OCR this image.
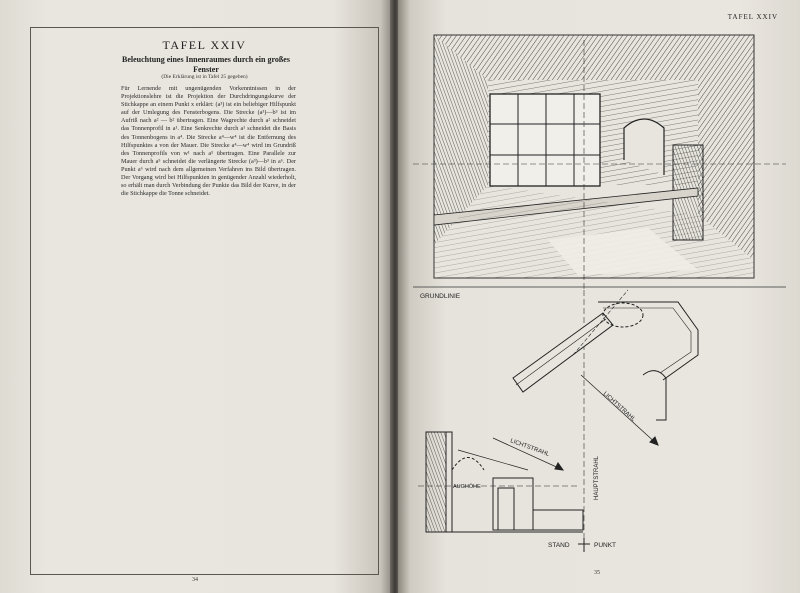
TAFEL XXIV
Beleuchtung eines Innenraumes durch ein großes Fenster
(Die Erklärung ist in Tafel 25 gegeben)
Für Lernende mit ungenügenden Vorkenntnissen in der Projektionslehre ist die Projektion der Durchdringungskurve der Stichkappe an einem Punkt x erklärt: (a³) ist ein beliebiger Hilfspunkt auf der Umlegung des Fensterbogens. Die Strecke (a³)—b³ ist im Aufriß nach a² — b² übertragen. Eine Wagrechte durch a² schneidet das Tonnenprofil in a¹. Eine Senkrechte durch a¹ schneidet die Basis des Tonnenbogens in a⁴. Die Strecke a⁴—w⁴ ist die Entfernung des Hilfspunktes a von der Mauer. Die Strecke a⁴—w⁴ wird im Grundriß des Tonnenprofils von w¹ nach a⁵ übertragen. Eine Parallele zur Mauer durch a⁵ schneidet die verlängerte Strecke (a³)—b³ in a⁶. Der Punkt a⁶ wird nach dem allgemeinen Verfahren ins Bild übertragen. Der Vorgang wird bei Hilfspunkten in genügender Anzahl wiederholt, so erhält man durch Verbindung der Punkte das Bild der Kurve, in der die Stichkappe die Tonne schneidet.
34
TAFEL XXIV
35
GRUNDLINIE
LICHTSTRAHL
LICHTSTRAHL
AUGHÖHE	HAUPTSTRAHL
STAND	PUNKT
